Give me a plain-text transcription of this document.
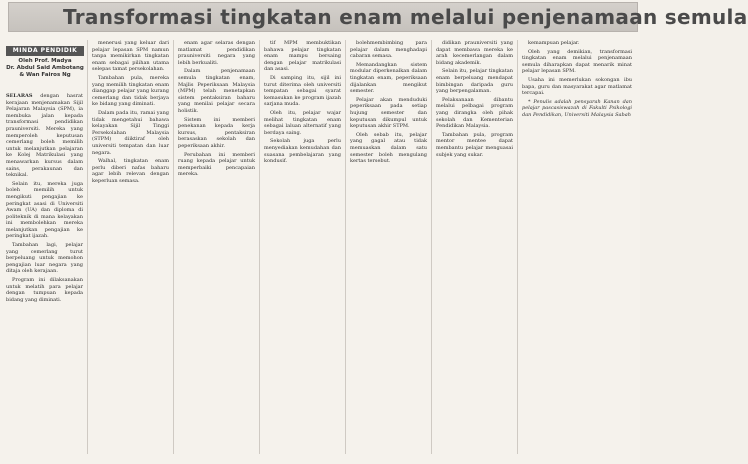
Transformasi tingkatan enam melalui penjenamaan semula
MINDA PENDIDIK
Oleh Prof. Madya
Dr. Abdul Said Ambotang
& Wan Fairos Ng

SELARAS dengan hasrat kerajaan menjenamakan Sijil Pelajaran Malaysia (SPM), ia membuka jalan kepada transformasi pendidikan prauniversiti. Mereka yang memperoleh keputusan cemerlang boleh memilih untuk melanjutkan pelajaran ke Kolej Matrikulasi yang menawarkan kursus dalam sains, perakaunan dan teknikal.

Selain itu, mereka juga boleh memilih untuk mengikuti pengajian ke peringkat asasi di Universiti Awam (UA) dan diploma di politeknik di mana kelayakan ini membolehkan mereka melanjutkan pengajian ke peringkat ijazah.

Tambahan lagi, pelajar yang cemerlang turut berpeluang untuk memohon pengajian luar negara yang ditaja oleh kerajaan.

Program ini dilaksanakan untuk melatih para pelajar dengan tumpuan kepada bidang yang diminati.

menerusi yang keluar dari pelajar lepasan SPM namun tanpa memikirkan tingkatan enam sebagai pilihan utama selepas tamat persekolahan.

Tambahan pula, mereka yang memilih tingkatan enam dianggap pelajar yang kurang cemerlang dan tidak berjaya ke bidang yang diminati.

Dalam pada itu, ramai yang tidak mengetahui bahawa kelayakan Sijil Tinggi Persekolahan Malaysia (STPM) diiktiraf oleh universiti tempatan dan luar negara.

Walhal, tingkatan enam perlu diberi nafas baharu agar lebih relevan dengan keperluan semasa.

enam agar selaras dengan matlamat pendidikan prauniversiti negara yang lebih berkualiti.

Dalam penjenamaan semula tingkatan enam, Majlis Peperiksaan Malaysia (MPM) telah menetapkan sistem pentaksiran baharu yang menilai pelajar secara holistik.

Sistem ini memberi penekanan kepada kerja kursus, pentaksiran berasaskan sekolah dan peperiksaan akhir.

Perubahan ini memberi ruang kepada pelajar untuk memperbaiki pencapaian mereka.

tif MPM membuktikan bahawa pelajar tingkatan enam mampu bersaing dengan pelajar matrikulasi dan asasi.

Di samping itu, sijil ini turut diterima oleh universiti tempatan sebagai syarat kemasukan ke program ijazah sarjana muda.

Oleh itu, pelajar wajar melihat tingkatan enam sebagai laluan alternatif yang berdaya saing.

Sekolah juga perlu menyediakan kemudahan dan suasana pembelajaran yang kondusif.

bolehmembimbing para pelajar dalam menghadapi cabaran semasa.

Memandangkan sistem modular diperkenalkan dalam tingkatan enam, peperiksaan dijalankan mengikut semester.

Pelajar akan menduduki peperiksaan pada setiap hujung semester dan keputusan dikumpul untuk keputusan akhir STPM.

Oleh sebab itu, pelajar yang gagal atau tidak memuaskan dalam satu semester boleh mengulang kertas tersebut.

didikan prauniversiti yang dapat membawa mereka ke arah kecemerlangan dalam bidang akademik.

Selain itu, pelajar tingkatan enam berpeluang mendapat bimbingan daripada guru yang berpengalaman.

Pelaksanaan dibantu melalui pelbagai program yang dirangka oleh pihak sekolah dan Kementerian Pendidikan Malaysia.

Tambahan pula, program mentor mentee dapat membantu pelajar menguasai subjek yang sukar.

kemampuan pelajar.

Oleh yang demikian, transformasi tingkatan enam melalui penjenamaan semula diharapkan dapat menarik minat pelajar lepasan SPM.

Usaha ini memerlukan sokongan ibu bapa, guru dan masyarakat agar matlamat tercapai.

* Penulis adalah pensyarah Kanan dan pelajar pascasiswazah di Fakulti Psikologi dan Pendidikan, Universiti Malaysia Sabah
